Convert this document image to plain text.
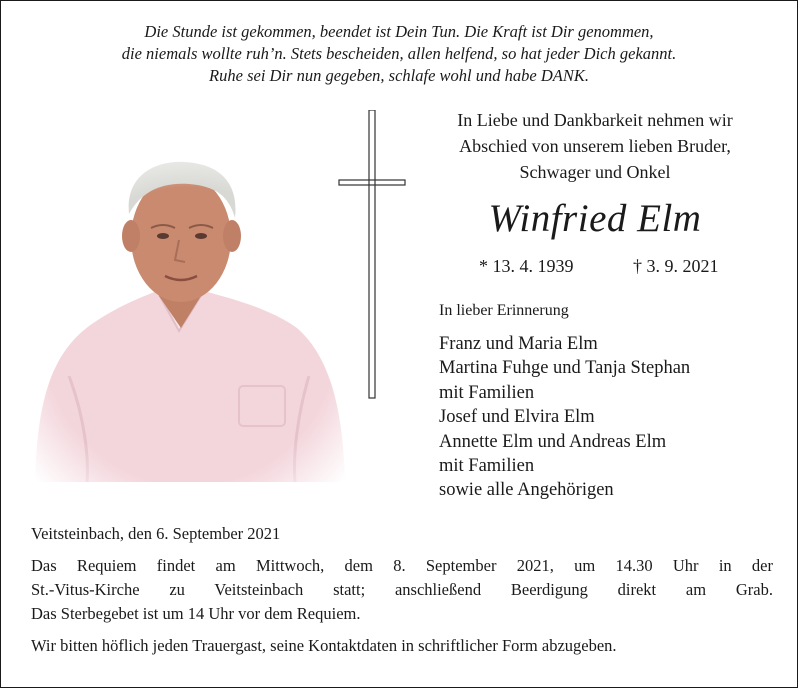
Die Stunde ist gekommen, beendet ist Dein Tun. Die Kraft ist Dir genommen,
die niemals wollte ruh’n. Stets bescheiden, allen helfend, so hat jeder Dich gekannt.
Ruhe sei Dir nun gegeben, schlafe wohl und habe DANK.
In Liebe und Dankbarkeit nehmen wir
Abschied von unserem lieben Bruder,
Schwager und Onkel
Winfried Elm
* 13. 4. 1939	† 3. 9. 2021
In lieber Erinnerung
Franz und Maria Elm
Martina Fuhge und Tanja Stephan
mit Familien
Josef und Elvira Elm
Annette Elm und Andreas Elm
mit Familien
sowie alle Angehörigen
Veitsteinbach, den 6. September 2021
Das Requiem findet am Mittwoch, dem 8. September 2021, um 14.30 Uhr in der
St.-Vitus-Kirche zu Veitsteinbach statt; anschließend Beerdigung direkt am Grab.
Das Sterbegebet ist um 14 Uhr vor dem Requiem.
Wir bitten höflich jeden Trauergast, seine Kontaktdaten in schriftlicher Form abzugeben.
